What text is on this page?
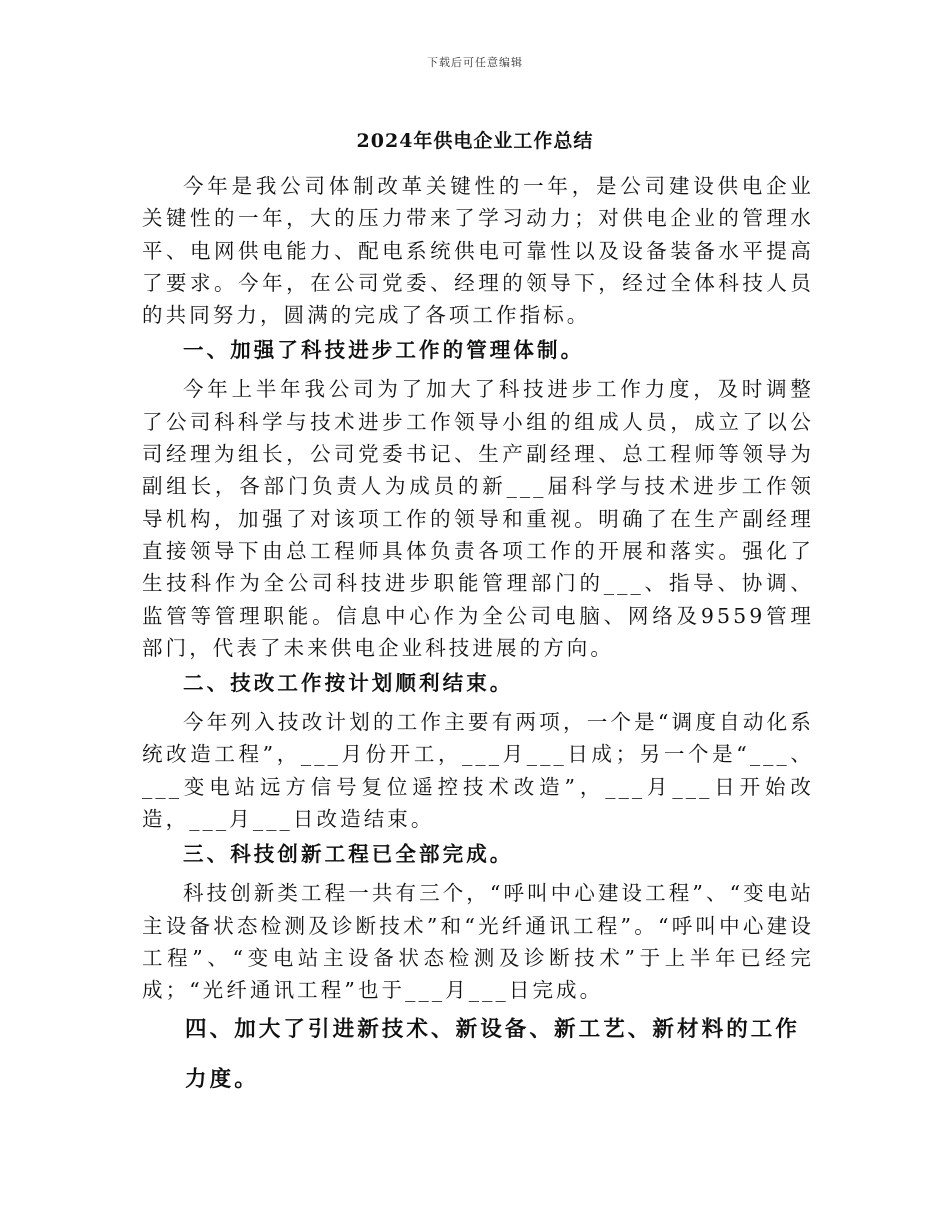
下载后可任意编辑
2024年供电企业工作总结

今年是我公司体制改革关键性的一年，是公司建设供电企业关键性的一年，大的压力带来了学习动力；对供电企业的管理水平、电网供电能力、配电系统供电可靠性以及设备装备水平提高了要求。今年，在公司党委、经理的领导下，经过全体科技人员的共同努力，圆满的完成了各项工作指标。

一、加强了科技进步工作的管理体制。

今年上半年我公司为了加大了科技进步工作力度，及时调整了公司科科学与技术进步工作领导小组的组成人员，成立了以公司经理为组长，公司党委书记、生产副经理、总工程师等领导为副组长，各部门负责人为成员的新___届科学与技术进步工作领导机构，加强了对该项工作的领导和重视。明确了在生产副经理直接领导下由总工程师具体负责各项工作的开展和落实。强化了生技科作为全公司科技进步职能管理部门的___、指导、协调、监管等管理职能。信息中心作为全公司电脑、网络及9559管理部门，代表了未来供电企业科技进展的方向。

二、技改工作按计划顺利结束。

今年列入技改计划的工作主要有两项，一个是“调度自动化系统改造工程”，___月份开工，___月___日成；另一个是“___、___变电站远方信号复位遥控技术改造”，___月___日开始改造，___月___日改造结束。

三、科技创新工程已全部完成。

科技创新类工程一共有三个，“呼叫中心建设工程”、“变电站主设备状态检测及诊断技术”和“光纤通讯工程”。“呼叫中心建设工程”、“变电站主设备状态检测及诊断技术”于上半年已经完成；“光纤通讯工程”也于___月___日完成。

四、加大了引进新技术、新设备、新工艺、新材料的工作力度。
